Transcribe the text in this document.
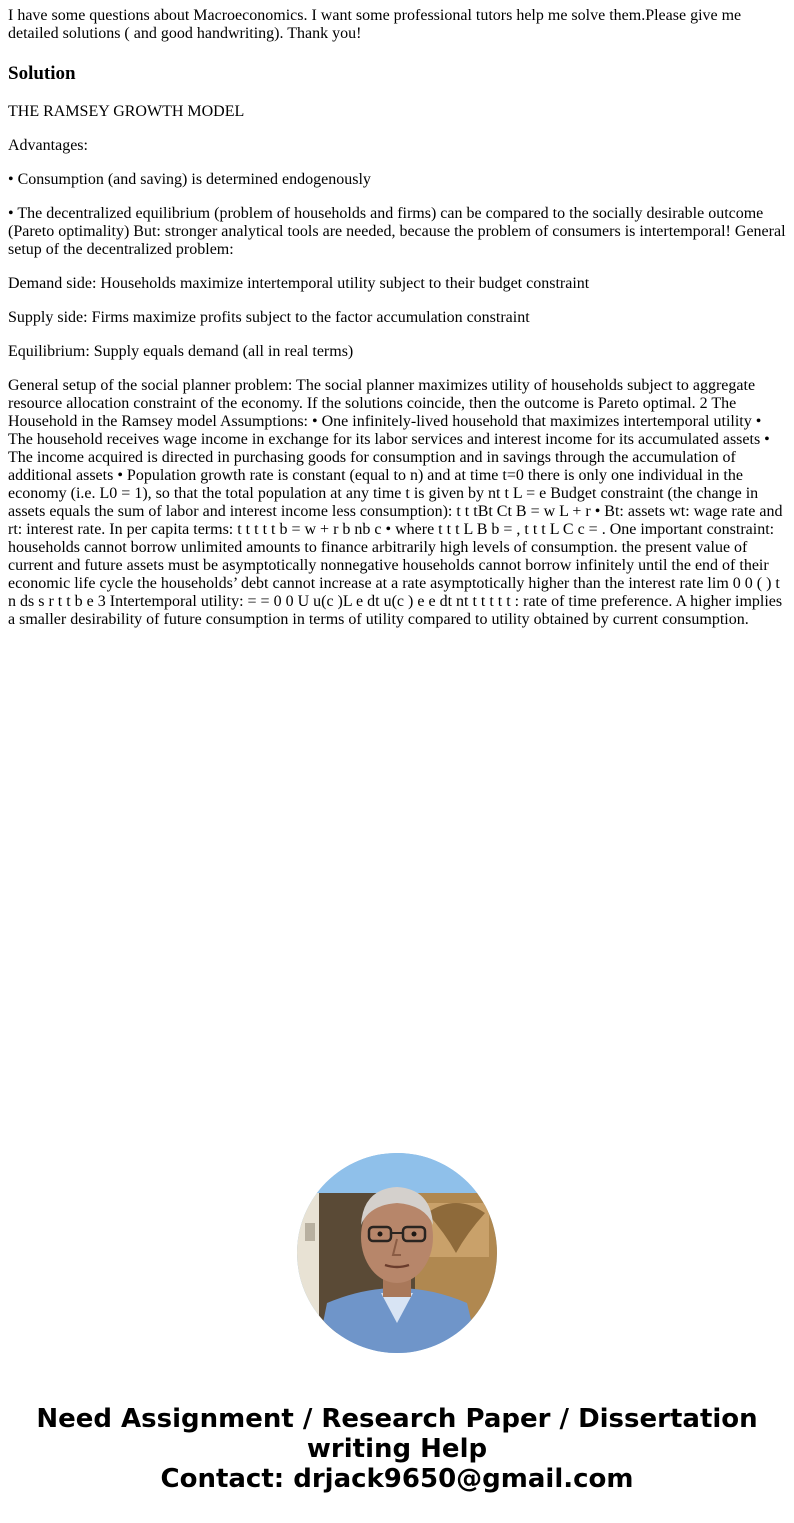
I have some questions about Macroeconomics. I want some professional tutors help me solve them.Please give me detailed solutions ( and good handwriting). Thank you!

Solution

THE RAMSEY GROWTH MODEL

Advantages:

• Consumption (and saving) is determined endogenously

• The decentralized equilibrium (problem of households and firms) can be compared to the socially desirable outcome (Pareto optimality) But: stronger analytical tools are needed, because the problem of consumers is intertemporal! General setup of the decentralized problem:

Demand side: Households maximize intertemporal utility subject to their budget constraint

Supply side: Firms maximize profits subject to the factor accumulation constraint

Equilibrium: Supply equals demand (all in real terms)

General setup of the social planner problem: The social planner maximizes utility of households subject to aggregate resource allocation constraint of the economy. If the solutions coincide, then the outcome is Pareto optimal. 2 The Household in the Ramsey model Assumptions: • One infinitely-lived household that maximizes intertemporal utility • The household receives wage income in exchange for its labor services and interest income for its accumulated assets • The income acquired is directed in purchasing goods for consumption and in savings through the accumulation of additional assets • Population growth rate is constant (equal to n) and at time t=0 there is only one individual in the economy (i.e. L0 = 1), so that the total population at any time t is given by nt t L = e Budget constraint (the change in assets equals the sum of labor and interest income less consumption): t t tBt Ct B = w L + r • Bt: assets wt: wage rate and rt: interest rate. In per capita terms: t t t t t b = w + r b nb c • where t t t L B b = , t t t L C c = . One important constraint: households cannot borrow unlimited amounts to finance arbitrarily high levels of consumption. the present value of current and future assets must be asymptotically nonnegative households cannot borrow infinitely until the end of their economic life cycle the households’ debt cannot increase at a rate asymptotically higher than the interest rate lim 0 0 ( ) t n ds s r t t b e 3 Intertemporal utility: = = 0 0 U u(c )L e dt u(c ) e e dt nt t t t t t : rate of time preference. A higher implies a smaller desirability of future consumption in terms of utility compared to utility obtained by current consumption.

Need Assignment / Research Paper / Dissertation
writing Help
Contact: drjack9650@gmail.com
